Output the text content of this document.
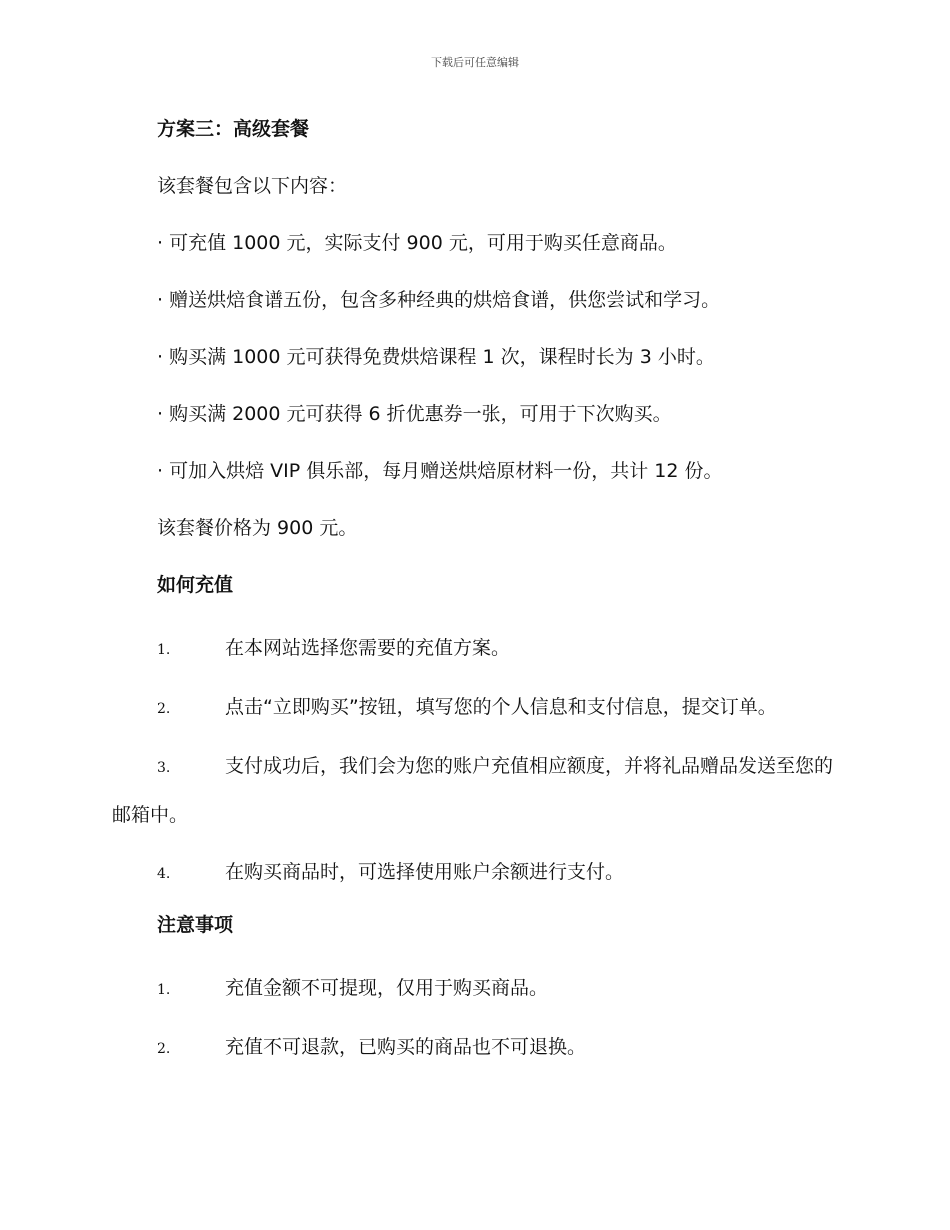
下载后可任意编辑
方案三：高级套餐
该套餐包含以下内容：
· 可充值 1000 元，实际支付 900 元，可用于购买任意商品。
· 赠送烘焙食谱五份，包含多种经典的烘焙食谱，供您尝试和学习。
· 购买满 1000 元可获得免费烘焙课程 1 次，课程时长为 3 小时。
· 购买满 2000 元可获得 6 折优惠券一张，可用于下次购买。
· 可加入烘焙 VIP 俱乐部，每月赠送烘焙原材料一份，共计 12 份。
该套餐价格为 900 元。
如何充值
1.	在本网站选择您需要的充值方案。
2.	点击“立即购买”按钮，填写您的个人信息和支付信息，提交订单。
3.	支付成功后，我们会为您的账户充值相应额度，并将礼品赠品发送至您的邮箱中。
4.	在购买商品时，可选择使用账户余额进行支付。
注意事项
1.	充值金额不可提现，仅用于购买商品。
2.	充值不可退款，已购买的商品也不可退换。
